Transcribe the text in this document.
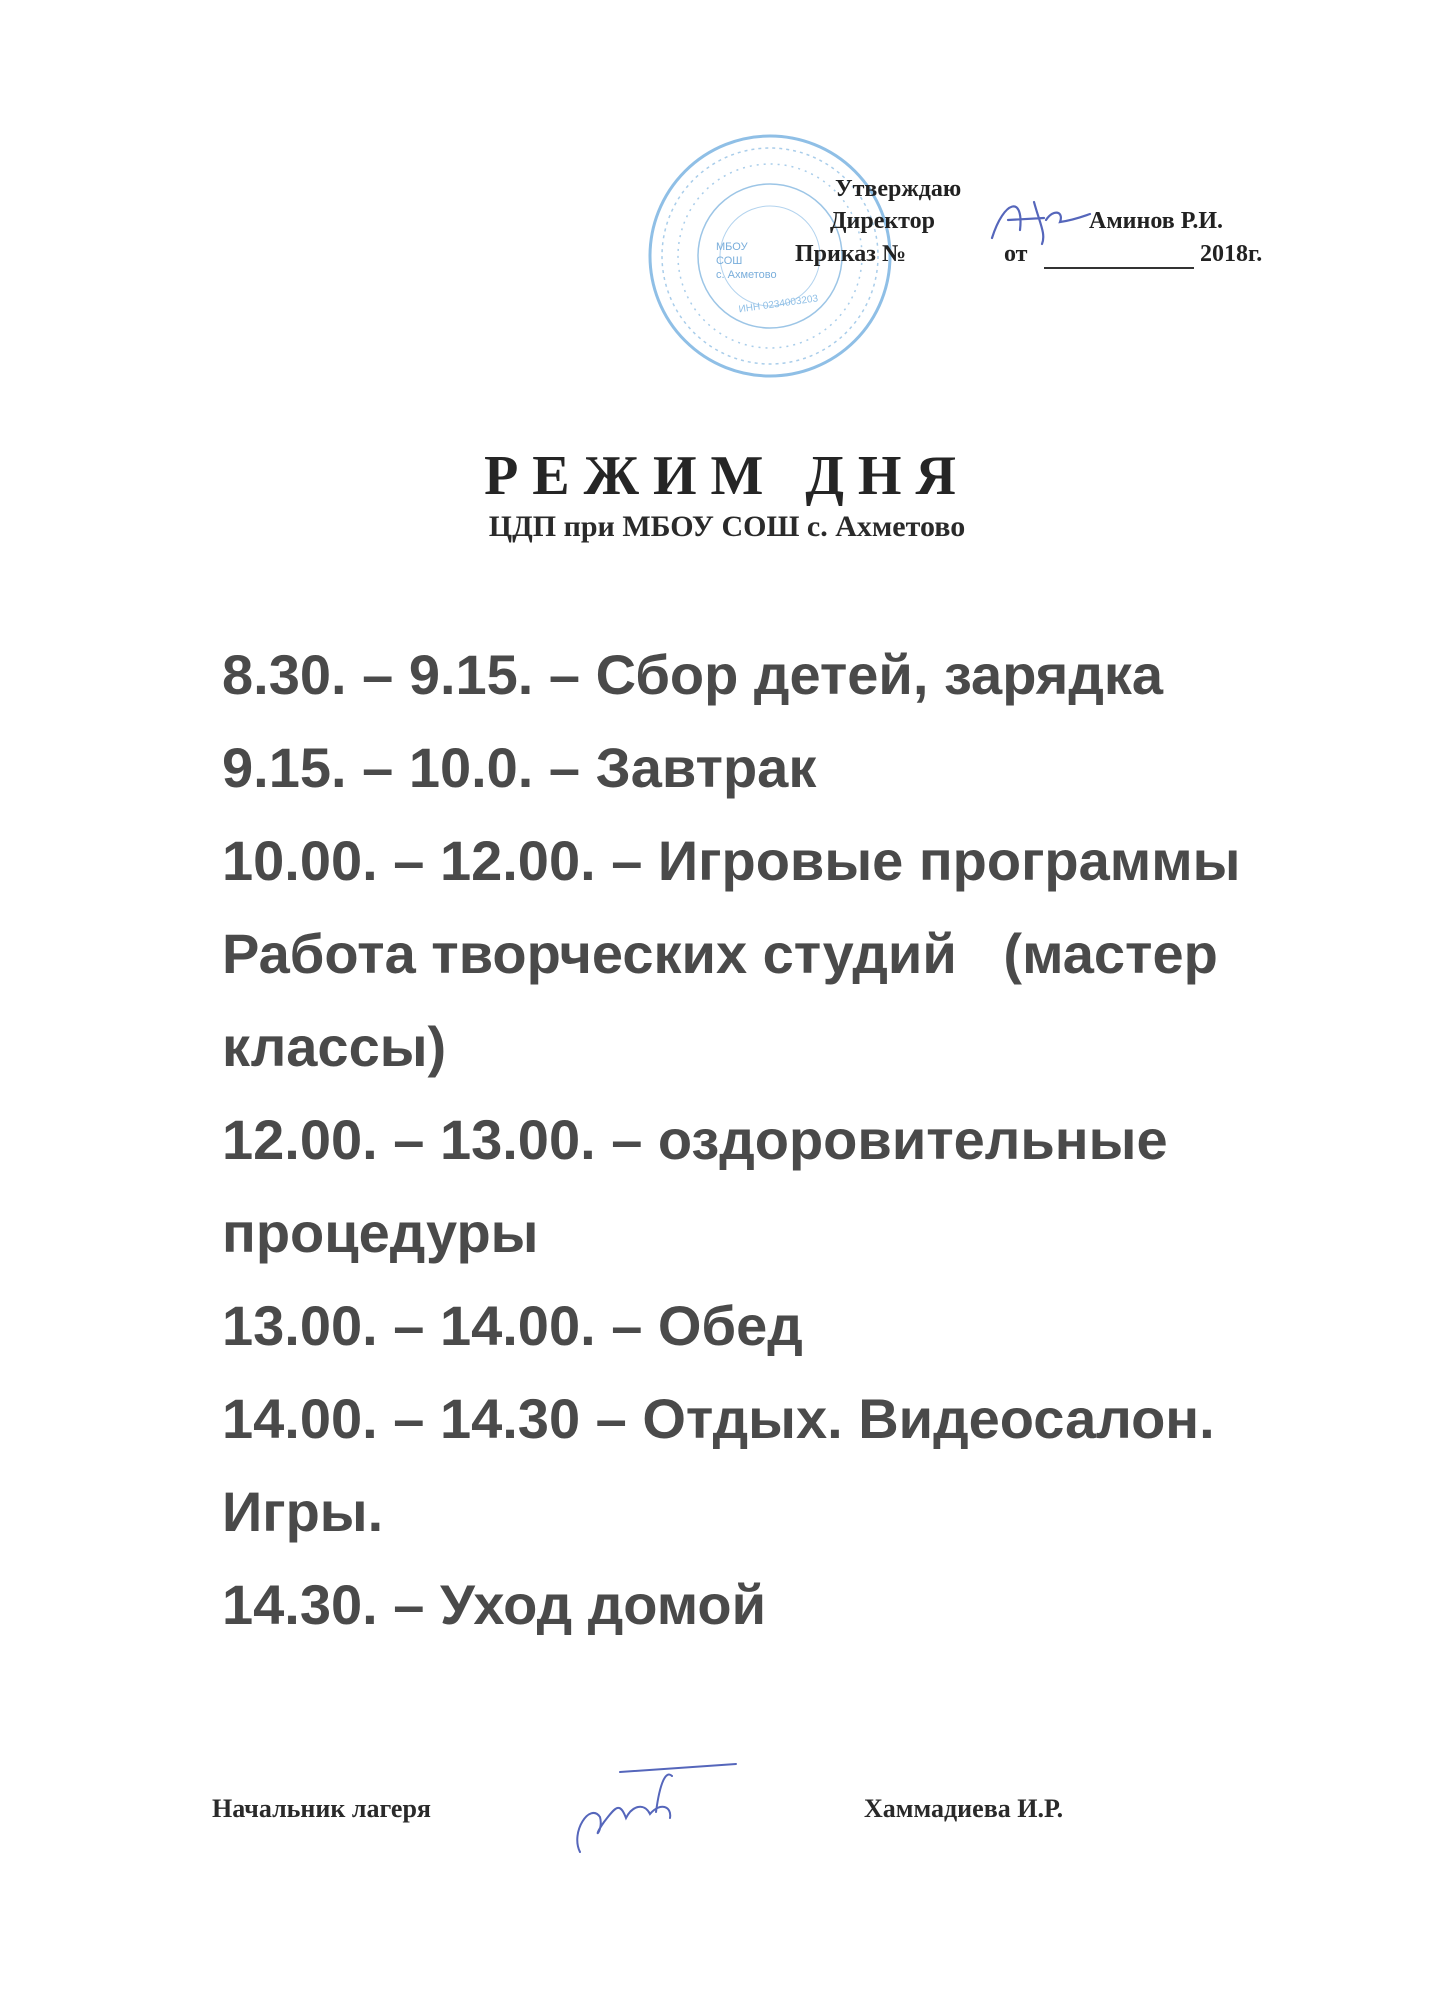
МБОУ
СОШ
с. Ахметово
ИНН 0234003203
Утверждаю
Директор	Аминов Р.И.
Приказ №	от	2018г.
РЕЖИМ ДНЯ
ЦДП при МБОУ СОШ с. Ахметово
8.30. – 9.15. – Сбор детей, зарядка
9.15. – 10.0. – Завтрак
10.00. – 12.00. – Игровые программы
Работа творческих студий   (мастер
классы)
12.00. – 13.00. – оздоровительные
процедуры
13.00. – 14.00. – Обед
14.00. – 14.30 – Отдых. Видеосалон.
Игры.
14.30. – Уход домой
Начальник лагеря	Хаммадиева И.Р.
